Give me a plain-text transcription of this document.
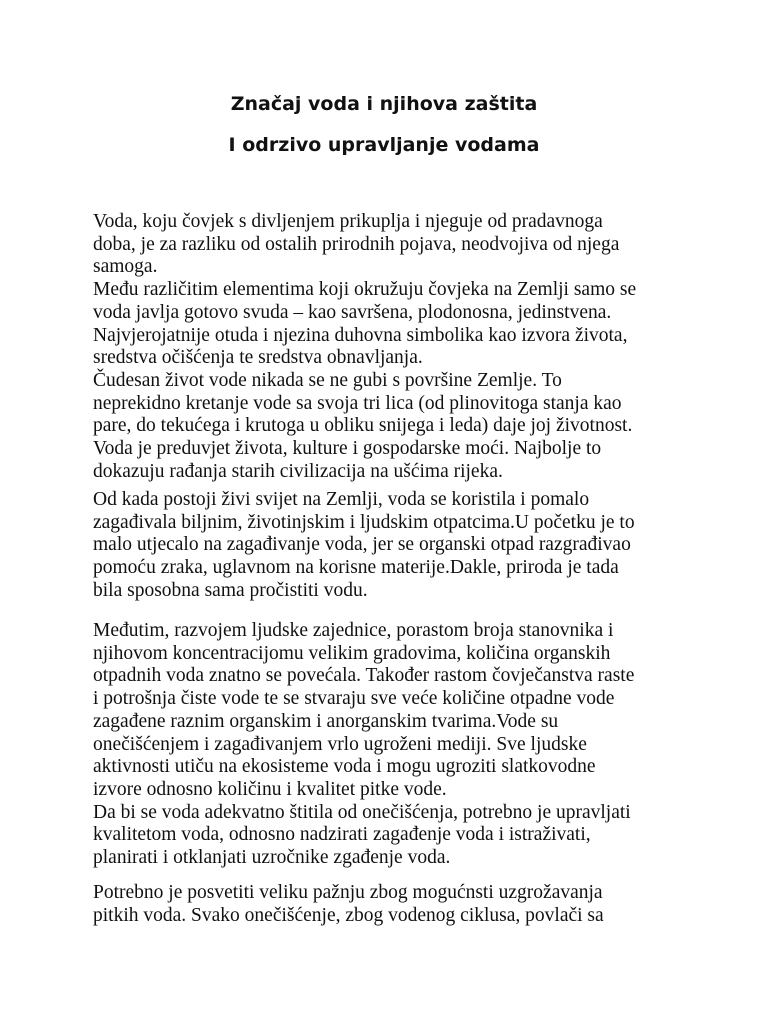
Značaj voda i njihova zaštita
I odrzivo upravljanje vodama

Voda, koju čovjek s divljenjem prikuplja i njeguje od pradavnoga
doba, je za razliku od ostalih prirodnih pojava, neodvojiva od njega
samoga.
Među različitim elementima koji okružuju čovjeka na Zemlji samo se
voda javlja gotovo svuda – kao savršena, plodonosna, jedinstvena.
Najvjerojatnije otuda i njezina duhovna simbolika kao izvora života,
sredstva očišćenja te sredstva obnavljanja.
Čudesan život vode nikada se ne gubi s površine Zemlje. To
neprekidno kretanje vode sa svoja tri lica (od plinovitoga stanja kao
pare, do tekućega i krutoga u obliku snijega i leda) daje joj životnost.
Voda je preduvjet života, kulture i gospodarske moći. Najbolje to
dokazuju rađanja starih civilizacija na ušćima rijeka.

Od kada postoji živi svijet na Zemlji, voda se koristila i pomalo
zagađivala biljnim, životinjskim i ljudskim otpatcima.U početku je to
malo utjecalo na zagađivanje voda, jer se organski otpad razgrađivao
pomoću zraka, uglavnom na korisne materije.Dakle, priroda je tada
bila sposobna sama pročistiti vodu.

Međutim, razvojem ljudske zajednice, porastom broja stanovnika i
njihovom koncentracijomu velikim gradovima, količina organskih
otpadnih voda znatno se povećala. Također rastom čovječanstva raste
i potrošnja čiste vode te se stvaraju sve veće količine otpadne vode
zagađene raznim organskim i anorganskim tvarima.Vode su
onečišćenjem i zagađivanjem vrlo ugroženi mediji. Sve ljudske
aktivnosti utiču na ekosisteme voda i mogu ugroziti slatkovodne
izvore odnosno količinu i kvalitet pitke vode.
Da bi se voda adekvatno štitila od onečišćenja, potrebno je upravljati
kvalitetom voda, odnosno nadzirati zagađenje voda i istraživati,
planirati i otklanjati uzročnike zgađenje voda.

Potrebno je posvetiti veliku pažnju zbog mogućnsti uzgrožavanja
pitkih voda. Svako onečišćenje, zbog vodenog ciklusa, povlači sa
